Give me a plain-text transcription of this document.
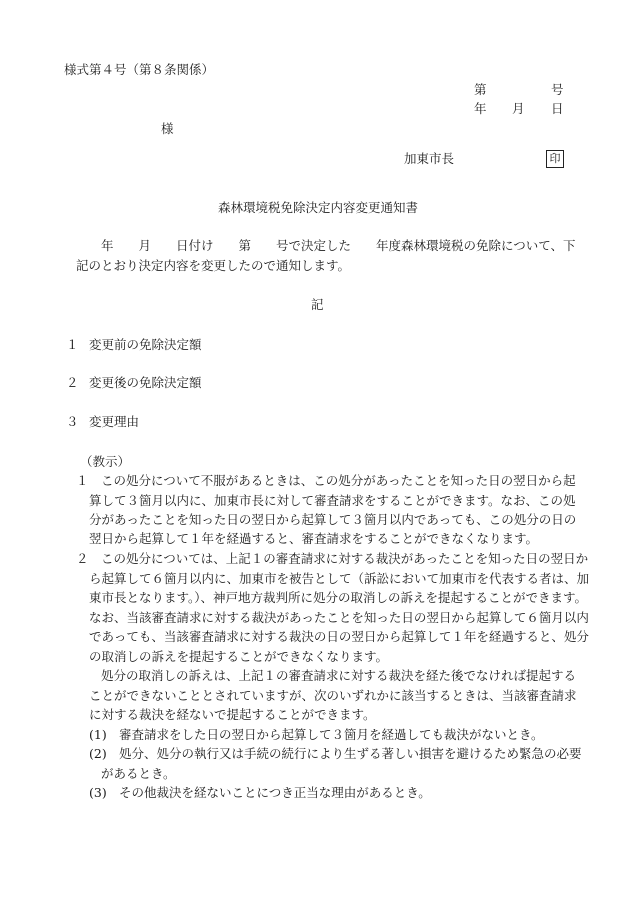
様式第４号（第８条関係）
第	号
年 月 日
様
加東市長	印
森林環境税免除決定内容変更通知書
年　　月　　日付け　　第　　号で決定した　　年度森林環境税の免除について、下
記のとおり決定内容を変更したので通知します。
記
１ 変更前の免除決定額
２ 変更後の免除決定額
３ 変更理由
（教示）
１ この処分について不服があるときは、この処分があったことを知った日の翌日から起
算して３箇月以内に、加東市長に対して審査請求をすることができます。なお、この処
分があったことを知った日の翌日から起算して３箇月以内であっても、この処分の日の
翌日から起算して１年を経過すると、審査請求をすることができなくなります。
２ この処分については、上記１の審査請求に対する裁決があったことを知った日の翌日か
ら起算して６箇月以内に、加東市を被告として（訴訟において加東市を代表する者は、加
東市長となります。）、神戸地方裁判所に処分の取消しの訴えを提起することができます。
なお、当該審査請求に対する裁決があったことを知った日の翌日から起算して６箇月以内
であっても、当該審査請求に対する裁決の日の翌日から起算して１年を経過すると、処分
の取消しの訴えを提起することができなくなります。
処分の取消しの訴えは、上記１の審査請求に対する裁決を経た後でなければ提起する
ことができないこととされていますが、次のいずれかに該当するときは、当該審査請求
に対する裁決を経ないで提起することができます。
(1) 審査請求をした日の翌日から起算して３箇月を経過しても裁決がないとき。
(2) 処分、処分の執行又は手続の続行により生ずる著しい損害を避けるため緊急の必要
があるとき。
(3) その他裁決を経ないことにつき正当な理由があるとき。
